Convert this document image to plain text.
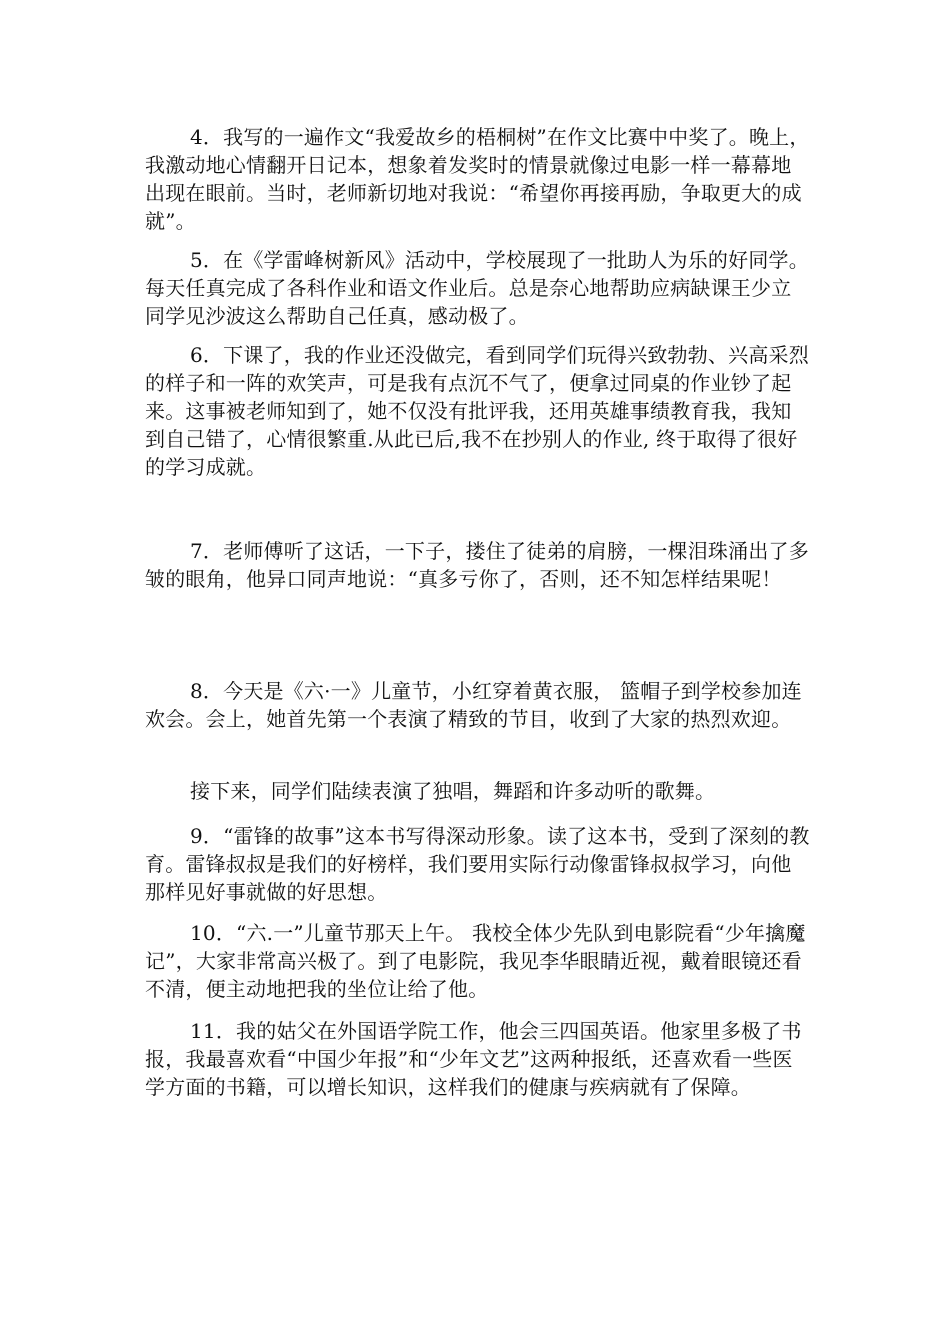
4．我写的一遍作文“我爱故乡的梧桐树”在作文比赛中中奖了。晚上，我激动地心情翻开日记本，想象着发奖时的情景就像过电影一样一幕幕地出现在眼前。当时，老师新切地对我说：“希望你再接再励，争取更大的成就”。

5．在《学雷峰树新风》活动中，学校展现了一批助人为乐的好同学。每天任真完成了各科作业和语文作业后。总是奈心地帮助应病缺课王少立同学见沙波这么帮助自己任真，感动极了。

6．下课了，我的作业还没做完，看到同学们玩得兴致勃勃、兴高采烈的样子和一阵的欢笑声，可是我有点沉不气了，便拿过同桌的作业钞了起来。这事被老师知到了，她不仅没有批评我，还用英雄事绩教育我，我知到自己错了，心情很繁重.从此已后,我不在抄别人的作业, 终于取得了很好的学习成就。

7．老师傅听了这话，一下子，搂住了徒弟的肩膀，一棵泪珠涌出了多皱的眼角，他异口同声地说：“真多亏你了，否则，还不知怎样结果呢！

8．今天是《六·一》儿童节，小红穿着黄衣服， 篮帽子到学校参加连欢会。会上，她首先第一个表演了精致的节目，收到了大家的热烈欢迎。

接下来，同学们陆续表演了独唱，舞蹈和许多动听的歌舞。

9．“雷锋的故事”这本书写得深动形象。读了这本书，受到了深刻的教育。雷锋叔叔是我们的好榜样，我们要用实际行动像雷锋叔叔学习，向他那样见好事就做的好思想。

10．“六.一”儿童节那天上午。 我校全体少先队到电影院看“少年擒魔记”，大家非常高兴极了。到了电影院，我见李华眼睛近视，戴着眼镜还看不清，便主动地把我的坐位让给了他。

11．我的姑父在外国语学院工作，他会三四国英语。他家里多极了书报，我最喜欢看“中国少年报”和“少年文艺”这两种报纸，还喜欢看一些医学方面的书籍，可以增长知识，这样我们的健康与疾病就有了保障。
